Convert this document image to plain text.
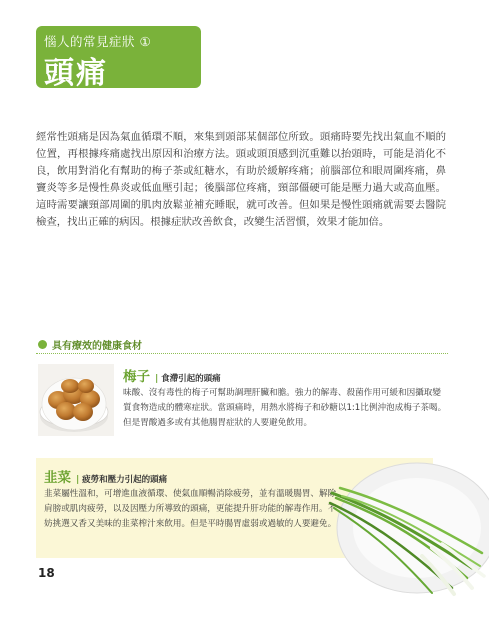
惱人的常見症狀 ①
頭痛
經常性頭痛是因為氣血循環不順，來集到頭部某個部位所致。頭痛時要先找出氣血不順的位置，再根據疼痛處找出原因和治療方法。頭或頭頂感到沉重難以抬頭時，可能是消化不良，飲用對消化有幫助的梅子茶或紅糖水，有助於緩解疼痛；前腦部位和眼周圍疼痛，鼻竇炎等多是慢性鼻炎或低血壓引起；後腦部位疼痛，頸部僵硬可能是壓力過大或高血壓。這時需要讓頸部周圍的肌肉放鬆並補充睡眠，就可改善。但如果是慢性頭痛就需要去醫院檢查，找出正確的病因。根據症狀改善飲食，改變生活習慣，效果才能加倍。
具有療效的健康食材
梅子 | 食滯引起的頭痛
味酸、沒有毒性的梅子可幫助調理肝臟和膽。強力的解毒、殺菌作用可緩和因攝取變質食物造成的體寒症狀。當頭痛時，用熱水將梅子和砂糖以1:1比例沖泡成梅子茶喝。但是胃酸過多或有其他腸胃症狀的人要避免飲用。
韭菜 | 疲勞和壓力引起的頭痛
韭菜屬性溫和，可增進血液循環、使氣血順暢消除疲勞，並有溫暖腸胃、解除肩膀或肌肉疲勞，以及因壓力所導致的頭痛，更能提升肝功能的解毒作用。不妨挑選又香又美味的韭菜榨汁來飲用。但是平時腸胃虛弱或過敏的人要避免。
18
